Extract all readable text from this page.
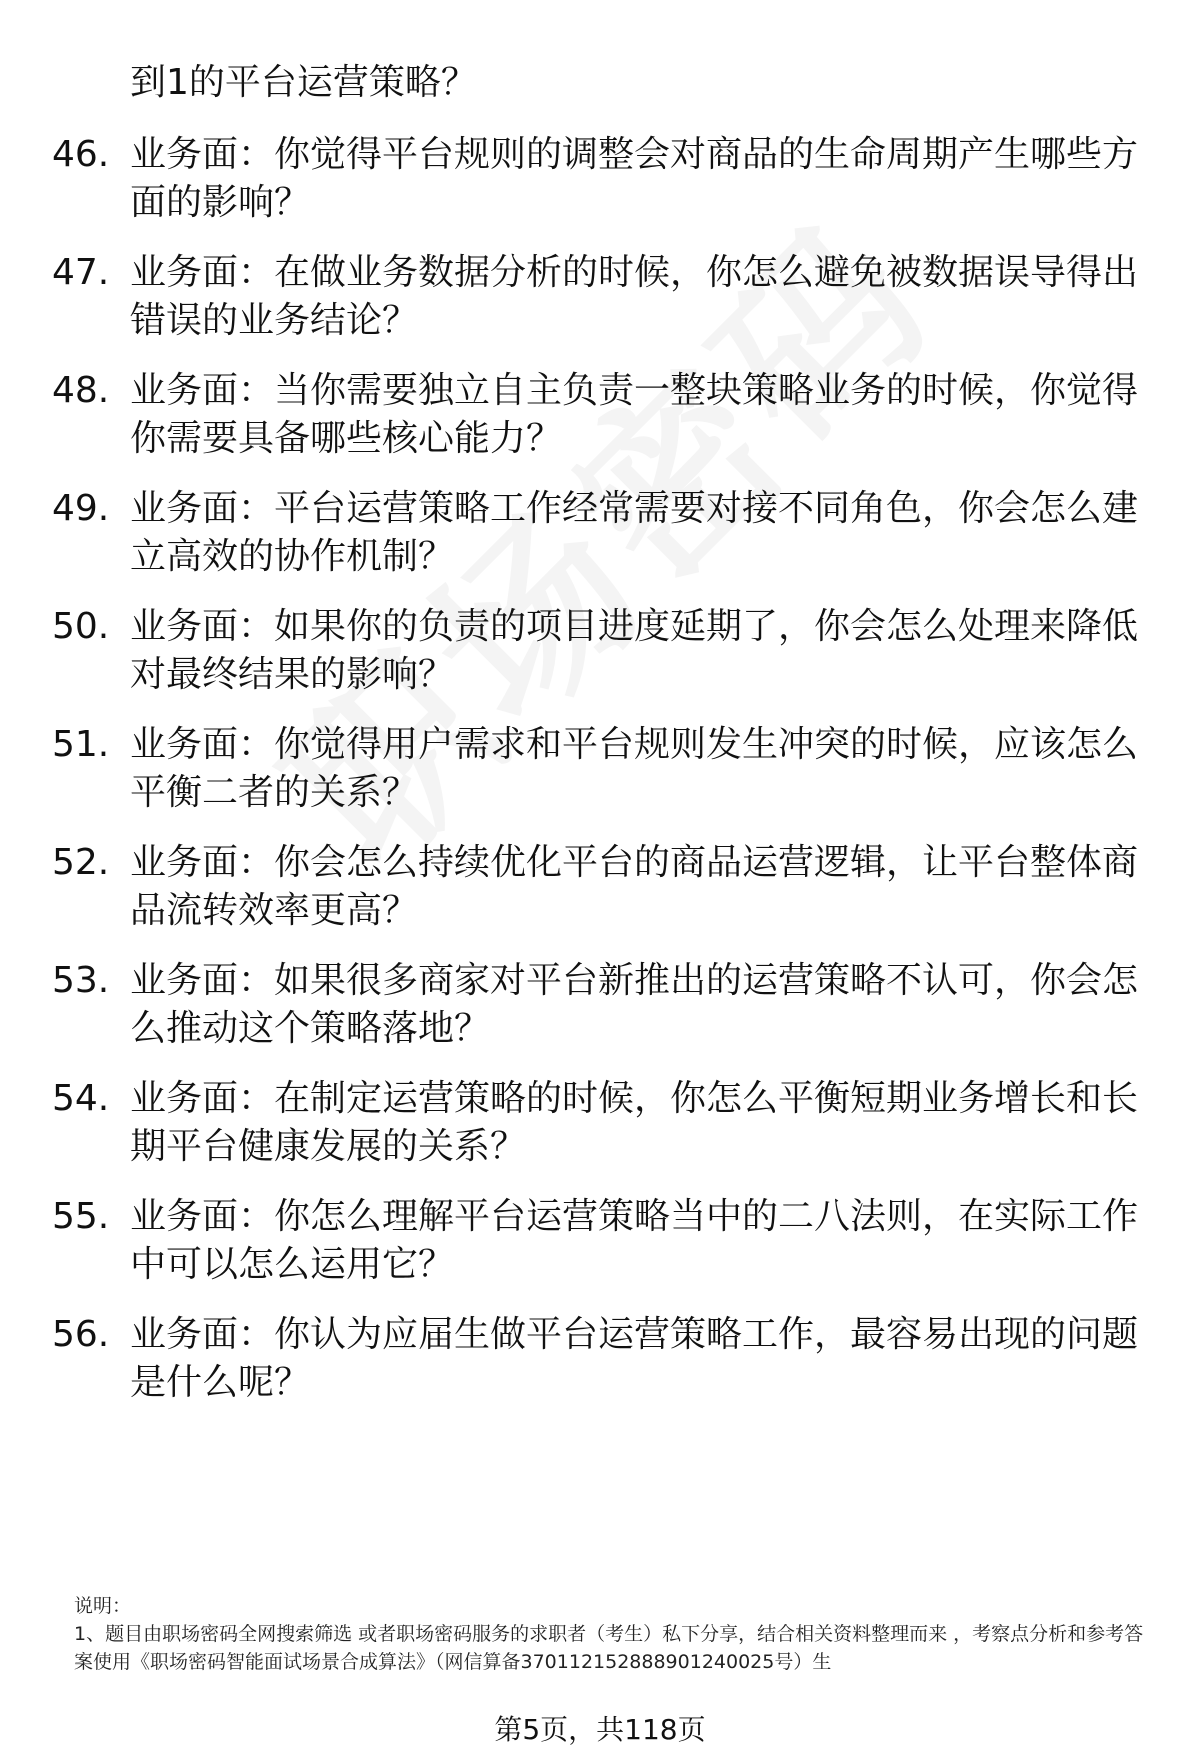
到1的平台运营策略？
46. 业务面：你觉得平台规则的调整会对商品的生命周期产生哪些方面的影响？
47. 业务面：在做业务数据分析的时候，你怎么避免被数据误导得出错误的业务结论？
48. 业务面：当你需要独立自主负责一整块策略业务的时候，你觉得你需要具备哪些核心能力？
49. 业务面：平台运营策略工作经常需要对接不同角色，你会怎么建立高效的协作机制？
50. 业务面：如果你的负责的项目进度延期了，你会怎么处理来降低对最终结果的影响？
51. 业务面：你觉得用户需求和平台规则发生冲突的时候，应该怎么平衡二者的关系？
52. 业务面：你会怎么持续优化平台的商品运营逻辑，让平台整体商品流转效率更高？
53. 业务面：如果很多商家对平台新推出的运营策略不认可，你会怎么推动这个策略落地？
54. 业务面：在制定运营策略的时候，你怎么平衡短期业务增长和长期平台健康发展的关系？
55. 业务面：你怎么理解平台运营策略当中的二八法则，在实际工作中可以怎么运用它？
56. 业务面：你认为应届生做平台运营策略工作，最容易出现的问题是什么呢？

说明：

1、题目由职场密码全网搜索筛选 或者职场密码服务的求职者（考生）私下分享，结合相关资料整理而来 ，考察点分析和参考答案使用《职场密码智能面试场景合成算法》（网信算备370112152888901240025号）生

第5页，共118页
